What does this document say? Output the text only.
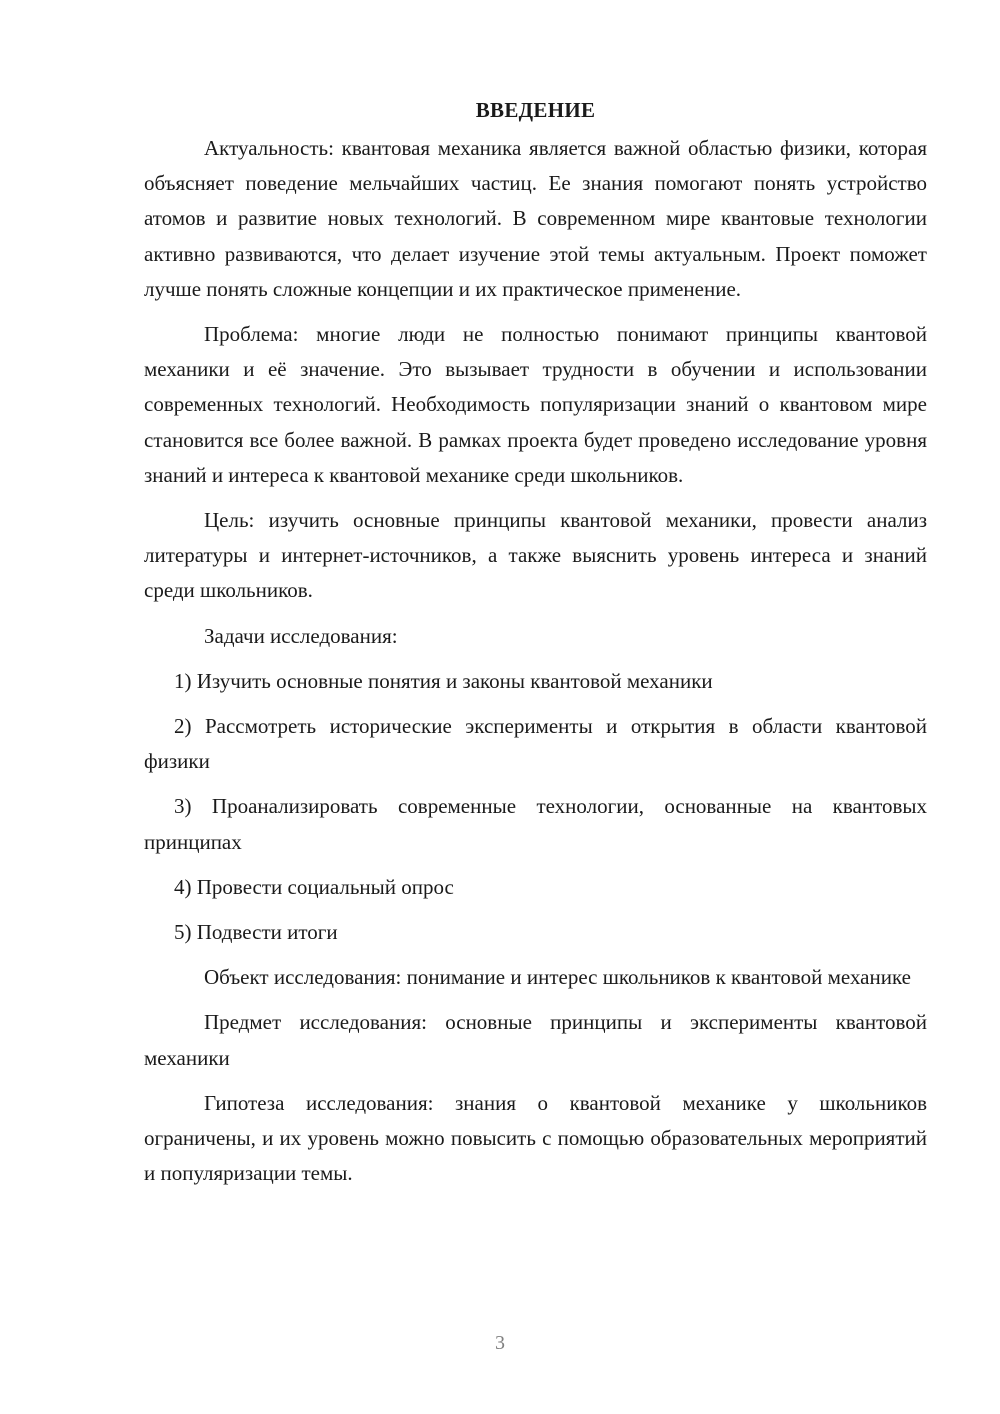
ВВЕДЕНИЕ

Актуальность: квантовая механика является важной областью физики, которая объясняет поведение мельчайших частиц. Ее знания помогают понять устройство атомов и развитие новых технологий. В современном мире квантовые технологии активно развиваются, что делает изучение этой темы актуальным. Проект поможет лучше понять сложные концепции и их практическое применение.

Проблема: многие люди не полностью понимают принципы квантовой механики и её значение. Это вызывает трудности в обучении и использовании современных технологий. Необходимость популяризации знаний о квантовом мире становится все более важной. В рамках проекта будет проведено исследование уровня знаний и интереса к квантовой механике среди школьников.

Цель: изучить основные принципы квантовой механики, провести анализ литературы и интернет-источников, а также выяснить уровень интереса и знаний среди школьников.

Задачи исследования:

1) Изучить основные понятия и законы квантовой механики

2) Рассмотреть исторические эксперименты и открытия в области квантовой физики

3) Проанализировать современные технологии, основанные на квантовых принципах

4) Провести социальный опрос

5) Подвести итоги

Объект исследования: понимание и интерес школьников к квантовой механике

Предмет исследования: основные принципы и эксперименты квантовой механики

Гипотеза исследования: знания о квантовой механике у школьников ограничены, и их уровень можно повысить с помощью образовательных мероприятий и популяризации темы.

3
